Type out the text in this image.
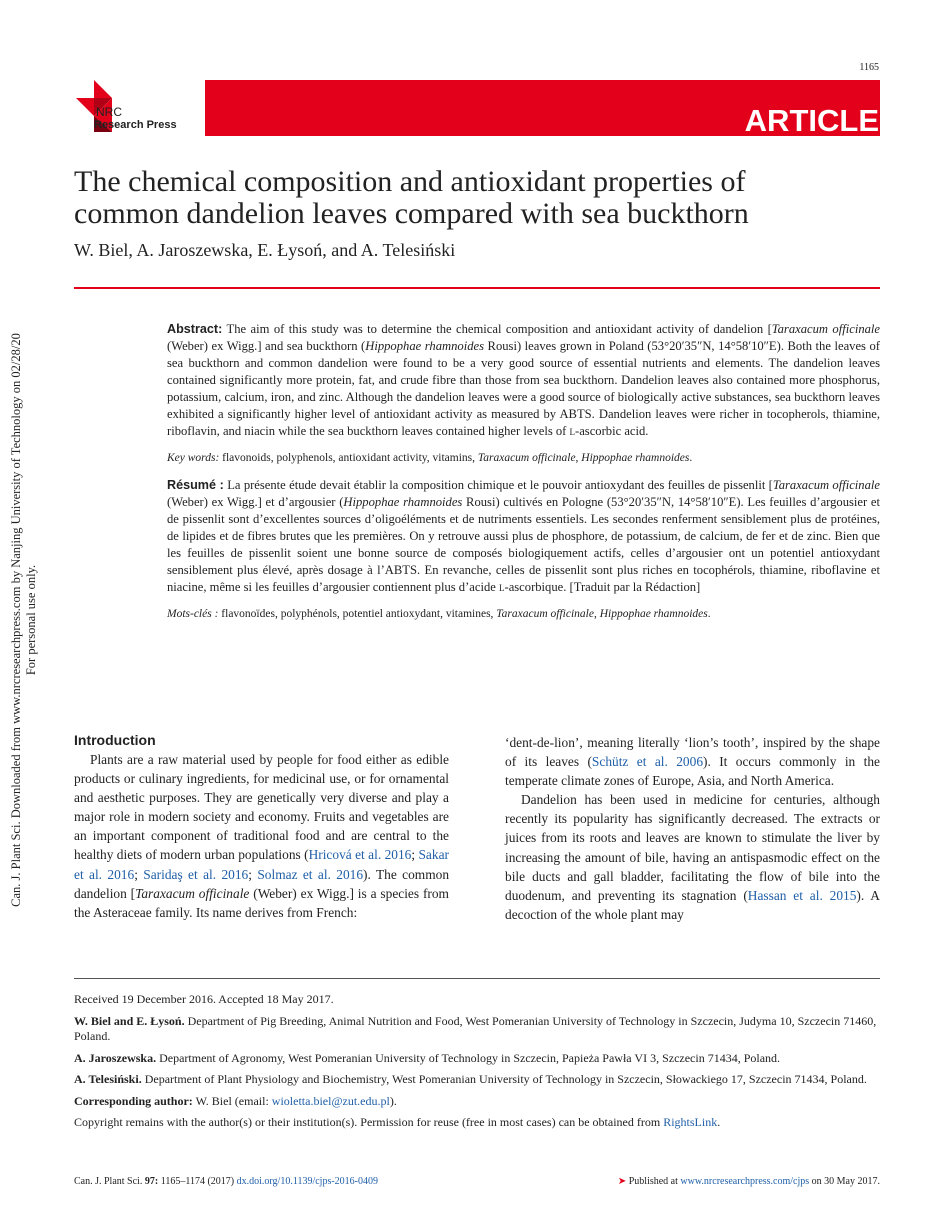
1165
NRC
Research Press	ARTICLE
The chemical composition and antioxidant properties of
common dandelion leaves compared with sea buckthorn
W. Biel, A. Jaroszewska, E. Łysoń, and A. Telesiński
Can. J. Plant Sci. Downloaded from www.nrcresearchpress.com by Nanjing University of Technology on 02/28/20 For personal use only.

Abstract: The aim of this study was to determine the chemical composition and antioxidant activity of dandelion [Taraxacum officinale (Weber) ex Wigg.] and sea buckthorn (Hippophae rhamnoides Rousi) leaves grown in Poland (53°20′35″N, 14°58′10″E). Both the leaves of sea buckthorn and common dandelion were found to be a very good source of essential nutrients and elements. The dandelion leaves contained significantly more protein, fat, and crude fibre than those from sea buckthorn. Dandelion leaves also contained more phosphorus, potassium, calcium, iron, and zinc. Although the dandelion leaves were a good source of biologically active substances, sea buckthorn leaves exhibited a significantly higher level of antioxidant activity as measured by ABTS. Dandelion leaves were richer in tocopherols, thiamine, riboflavin, and niacin while the sea buckthorn leaves contained higher levels of L-ascorbic acid.

Key words: flavonoids, polyphenols, antioxidant activity, vitamins, Taraxacum officinale, Hippophae rhamnoides.

Résumé : La présente étude devait établir la composition chimique et le pouvoir antioxydant des feuilles de pissenlit [Taraxacum officinale (Weber) ex Wigg.] et d’argousier (Hippophae rhamnoides Rousi) cultivés en Pologne (53°20′35″N, 14°58′10″E). Les feuilles d’argousier et de pissenlit sont d’excellentes sources d’oligoéléments et de nutriments essentiels. Les secondes renferment sensiblement plus de protéines, de lipides et de fibres brutes que les premières. On y retrouve aussi plus de phosphore, de potassium, de calcium, de fer et de zinc. Bien que les feuilles de pissenlit soient une bonne source de composés biologiquement actifs, celles d’argousier ont un potentiel antioxydant sensiblement plus élevé, après dosage à l’ABTS. En revanche, celles de pissenlit sont plus riches en tocophérols, thiamine, riboflavine et niacine, même si les feuilles d’argousier contiennent plus d’acide L-ascorbique. [Traduit par la Rédaction]

Mots-clés : flavonoïdes, polyphénols, potentiel antioxydant, vitamines, Taraxacum officinale, Hippophae rhamnoides.

Introduction

Plants are a raw material used by people for food either as edible products or culinary ingredients, for medicinal use, or for ornamental and aesthetic purposes. They are genetically very diverse and play a major role in modern society and economy. Fruits and vegetables are an important component of traditional food and are central to the healthy diets of modern urban populations (Hricová et al. 2016; Sakar et al. 2016; Saridaş et al. 2016; Solmaz et al. 2016). The common dandelion [Taraxacum officinale (Weber) ex Wigg.] is a species from the Asteraceae family. Its name derives from French:

‘dent-de-lion’, meaning literally ‘lion’s tooth’, inspired by the shape of its leaves (Schütz et al. 2006). It occurs commonly in the temperate climate zones of Europe, Asia, and North America.

Dandelion has been used in medicine for centuries, although recently its popularity has significantly decreased. The extracts or juices from its roots and leaves are known to stimulate the liver by increasing the amount of bile, having an antispasmodic effect on the bile ducts and gall bladder, facilitating the flow of bile into the duodenum, and preventing its stagnation (Hassan et al. 2015). A decoction of the whole plant may

Received 19 December 2016. Accepted 18 May 2017.

W. Biel and E. Łysoń. Department of Pig Breeding, Animal Nutrition and Food, West Pomeranian University of Technology in Szczecin, Judyma 10, Szczecin 71460, Poland.

A. Jaroszewska. Department of Agronomy, West Pomeranian University of Technology in Szczecin, Papieża Pawła VI 3, Szczecin 71434, Poland.

A. Telesiński. Department of Plant Physiology and Biochemistry, West Pomeranian University of Technology in Szczecin, Słowackiego 17, Szczecin 71434, Poland.

Corresponding author: W. Biel (email: wioletta.biel@zut.edu.pl).

Copyright remains with the author(s) or their institution(s). Permission for reuse (free in most cases) can be obtained from RightsLink.

Can. J. Plant Sci. 97: 1165–1174 (2017) dx.doi.org/10.1139/cjps-2016-0409	➤ Published at www.nrcresearchpress.com/cjps on 30 May 2017.
